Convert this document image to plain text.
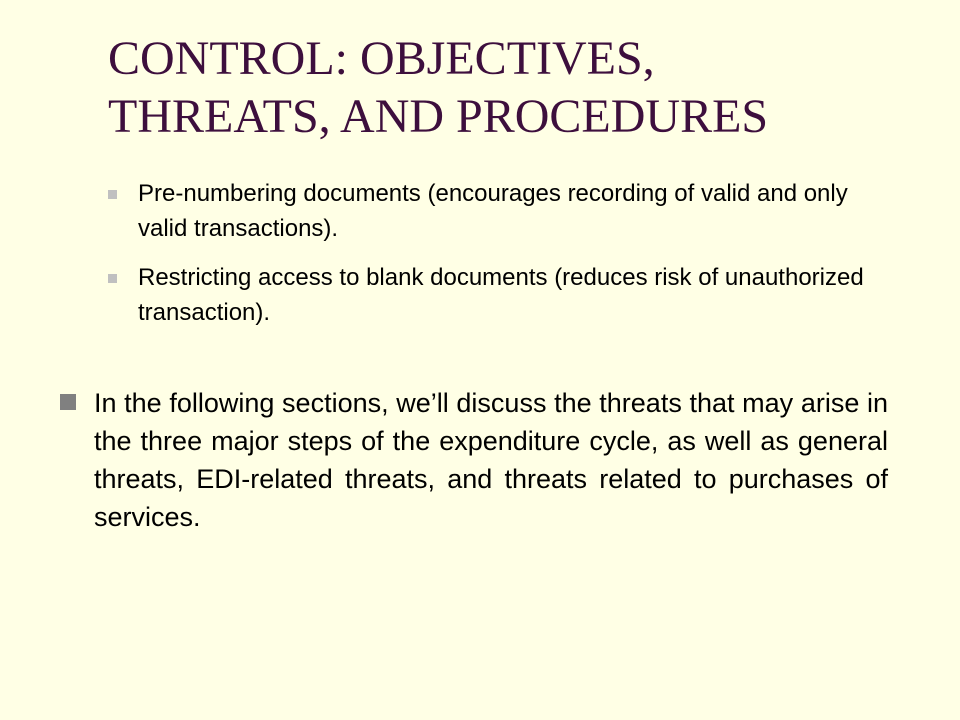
CONTROL: OBJECTIVES,
THREATS, AND PROCEDURES
Pre-numbering documents (encourages recording of valid and only valid transactions).
Restricting access to blank documents (reduces risk of unauthorized transaction).
In the following sections, we’ll discuss the threats that may arise in the three major steps of the expenditure cycle, as well as general threats, EDI-related threats, and threats related to purchases of services.
